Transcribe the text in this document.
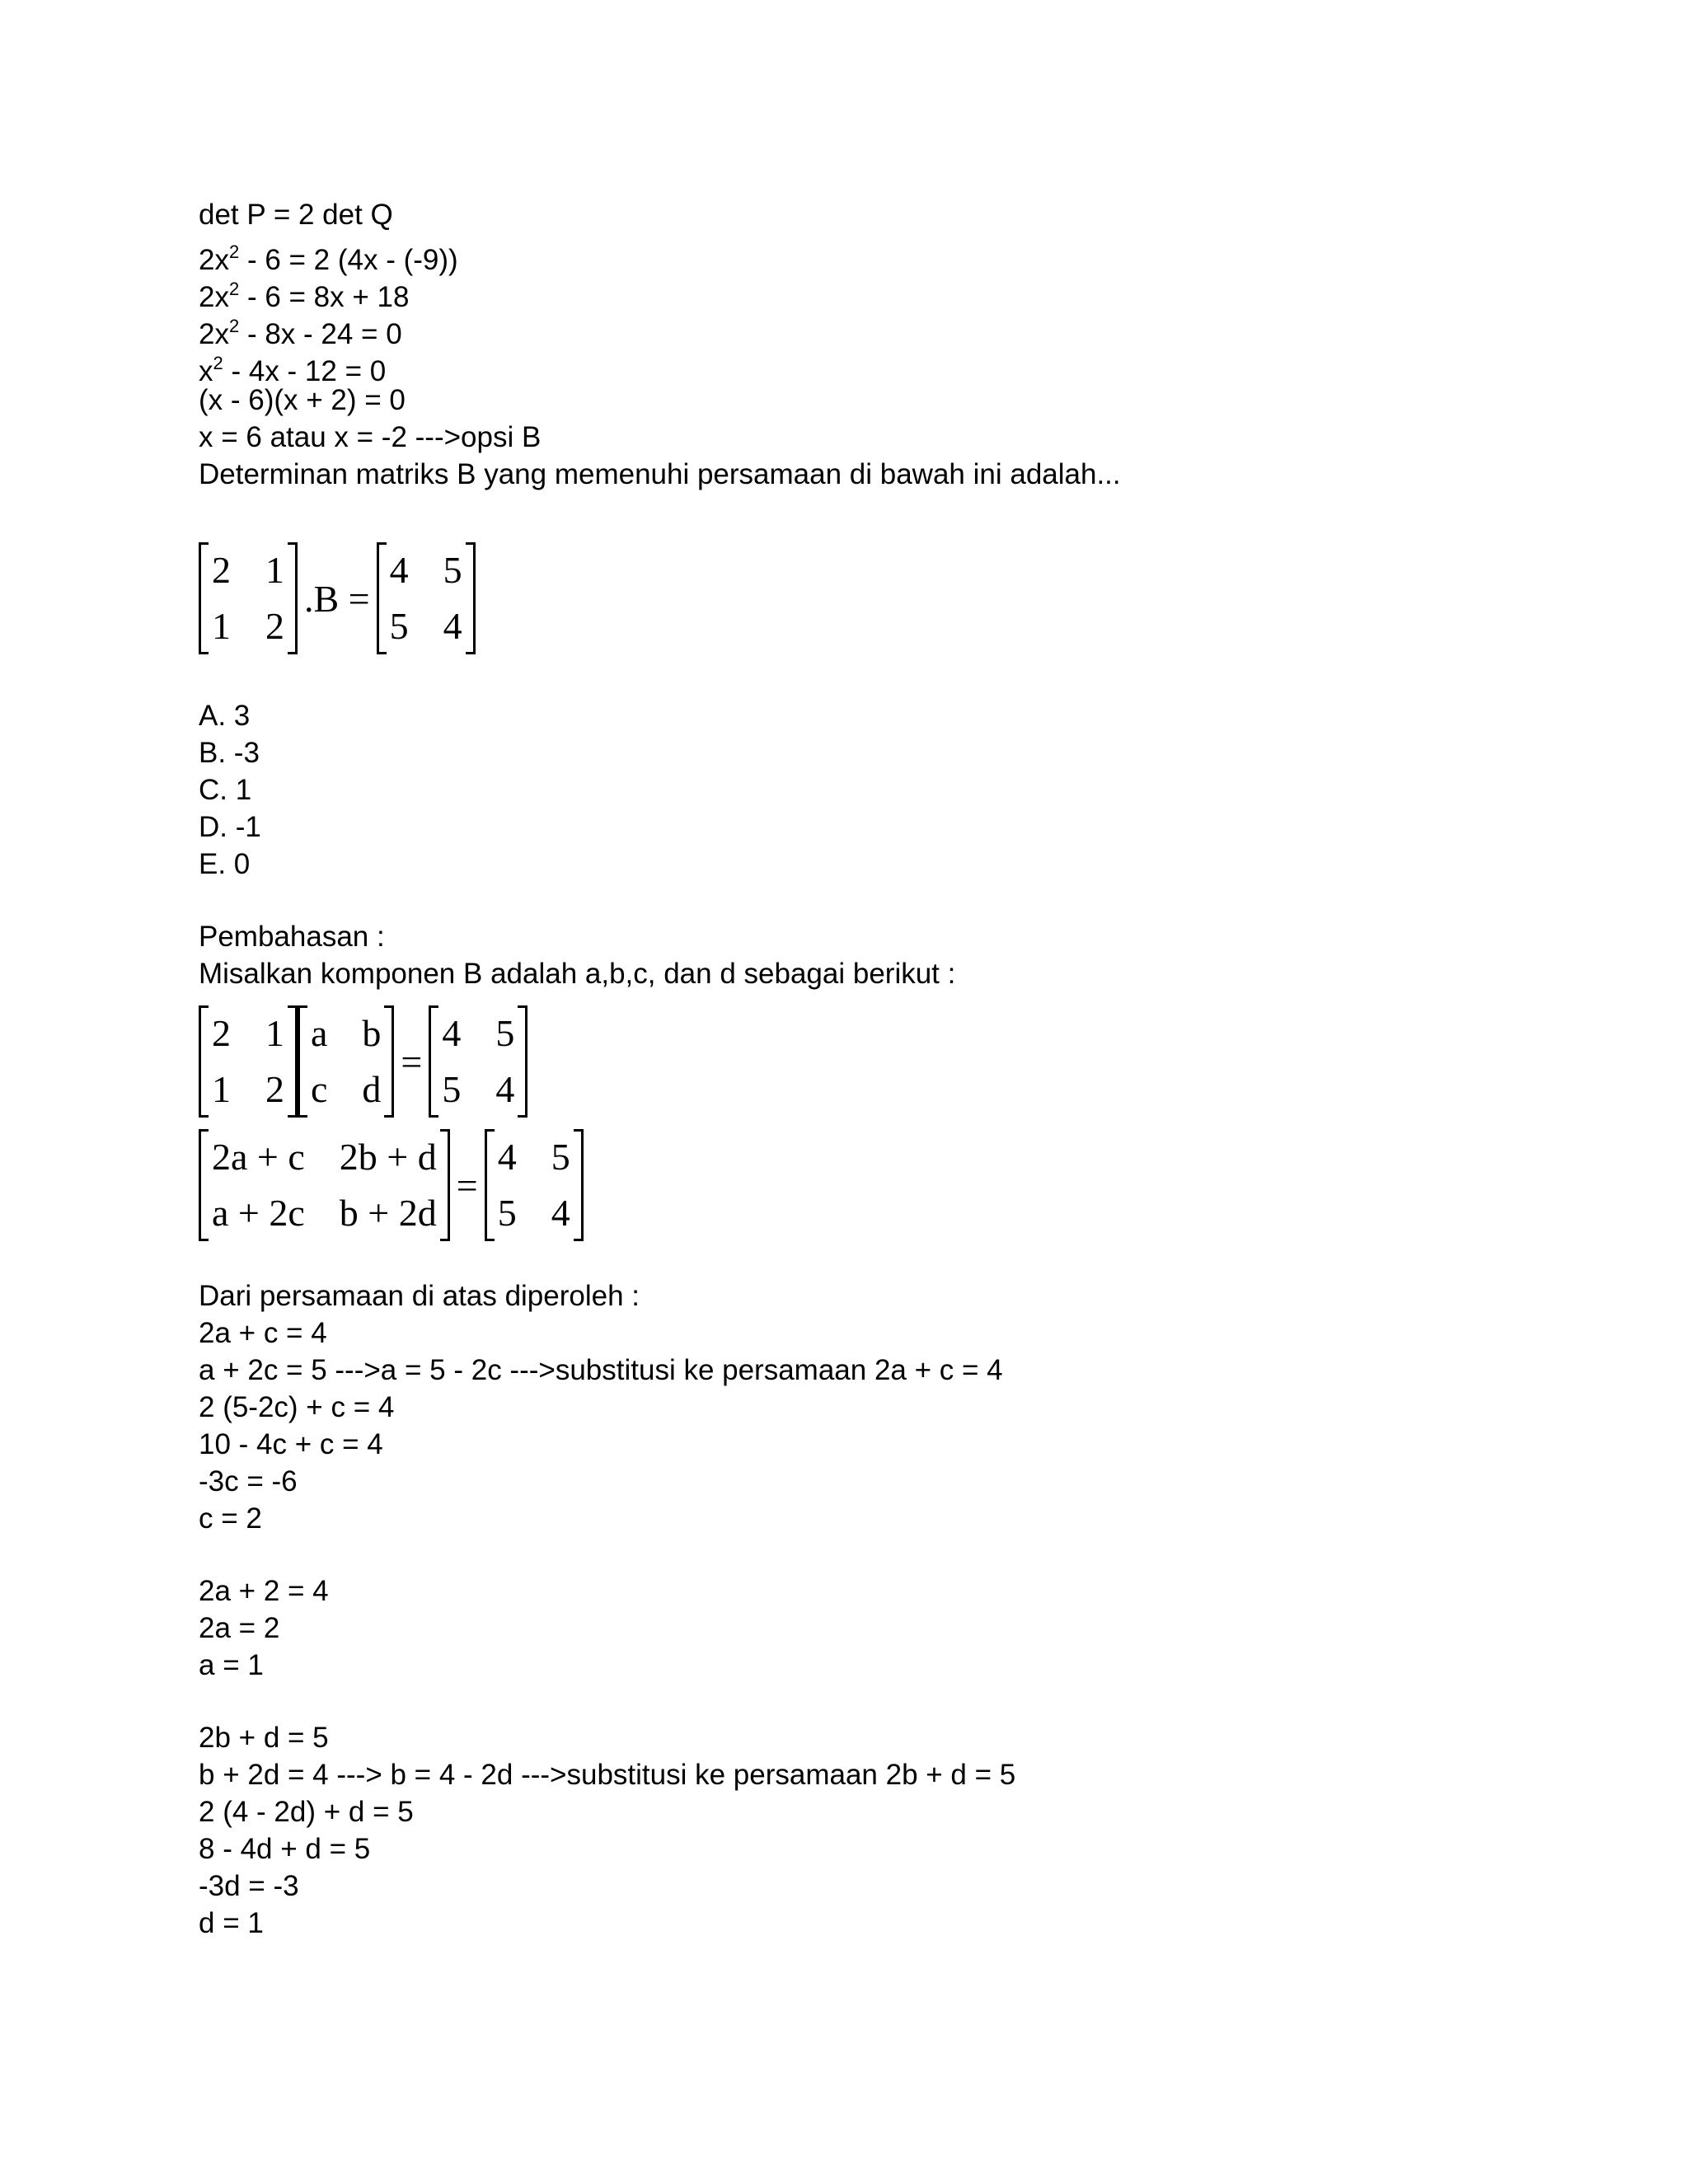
det P = 2 det Q
$2x^2 - 6 = 2$ (4x - (-9))
$2x^2 - 6 = 8x + 18$
$2x^2 - 8x - 24 = 0$
$x^2 - 4x - 12 = 0$
(x - 6)(x + 2) = 0
x = 6 atau x = -2 --->opsi B
Determinan matriks B yang memenuhi persamaan di bawah ini adalah...
2 1
1 2
.B =
4 5
5 4
A. 3
B. -3
C. 1
D. -1
E. 0
Pembahasan :
Misalkan komponen B adalah a,b,c, dan d sebagai berikut :
2 1
1 2
a b
c d
=
4 5
5 4
2a + c 2b + d
a + 2c b + 2d
=
4 5
5 4
Dari persamaan di atas diperoleh :
2a + c = 4
a + 2c = 5 --->a = 5 - 2c --->substitusi ke persamaan 2a + c = 4
2 (5-2c) + c = 4
10 - 4c + c = 4
-3c = -6
c = 2
2a + 2 = 4
2a = 2
a = 1
2b + d = 5
b + 2d = 4 ---> b = 4 - 2d --->substitusi ke persamaan 2b + d = 5
2 (4 - 2d) + d = 5
8 - 4d + d = 5
-3d = -3
d = 1
